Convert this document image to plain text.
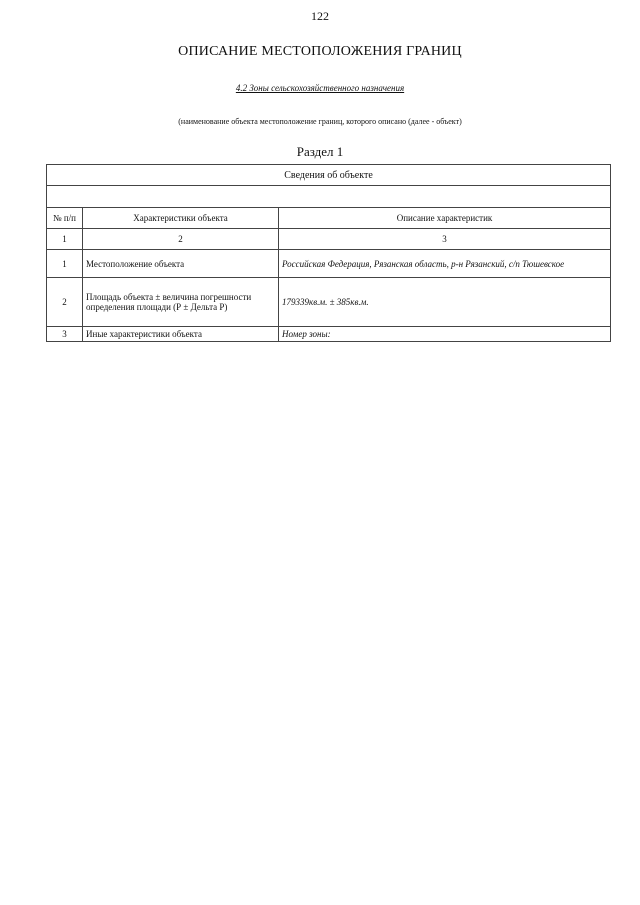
122
ОПИСАНИЕ МЕСТОПОЛОЖЕНИЯ ГРАНИЦ
4.2 Зоны сельскохозяйственного назначения
(наименование объекта местоположение границ, которого описано (далее - объект)
Раздел 1
Сведения об объекте		

№ п/п	Характеристики объекта	Описание характеристик
1	2	3
1	Местоположение объекта	Российская Федерация, Рязанская область, р-н Рязанский, с/п Тюшевское
2	Площадь объекта ± величина погрешности определения площади (Р ± Дельта Р)	179339кв.м. ± 385кв.м.
3	Иные характеристики объекта	Номер зоны:
